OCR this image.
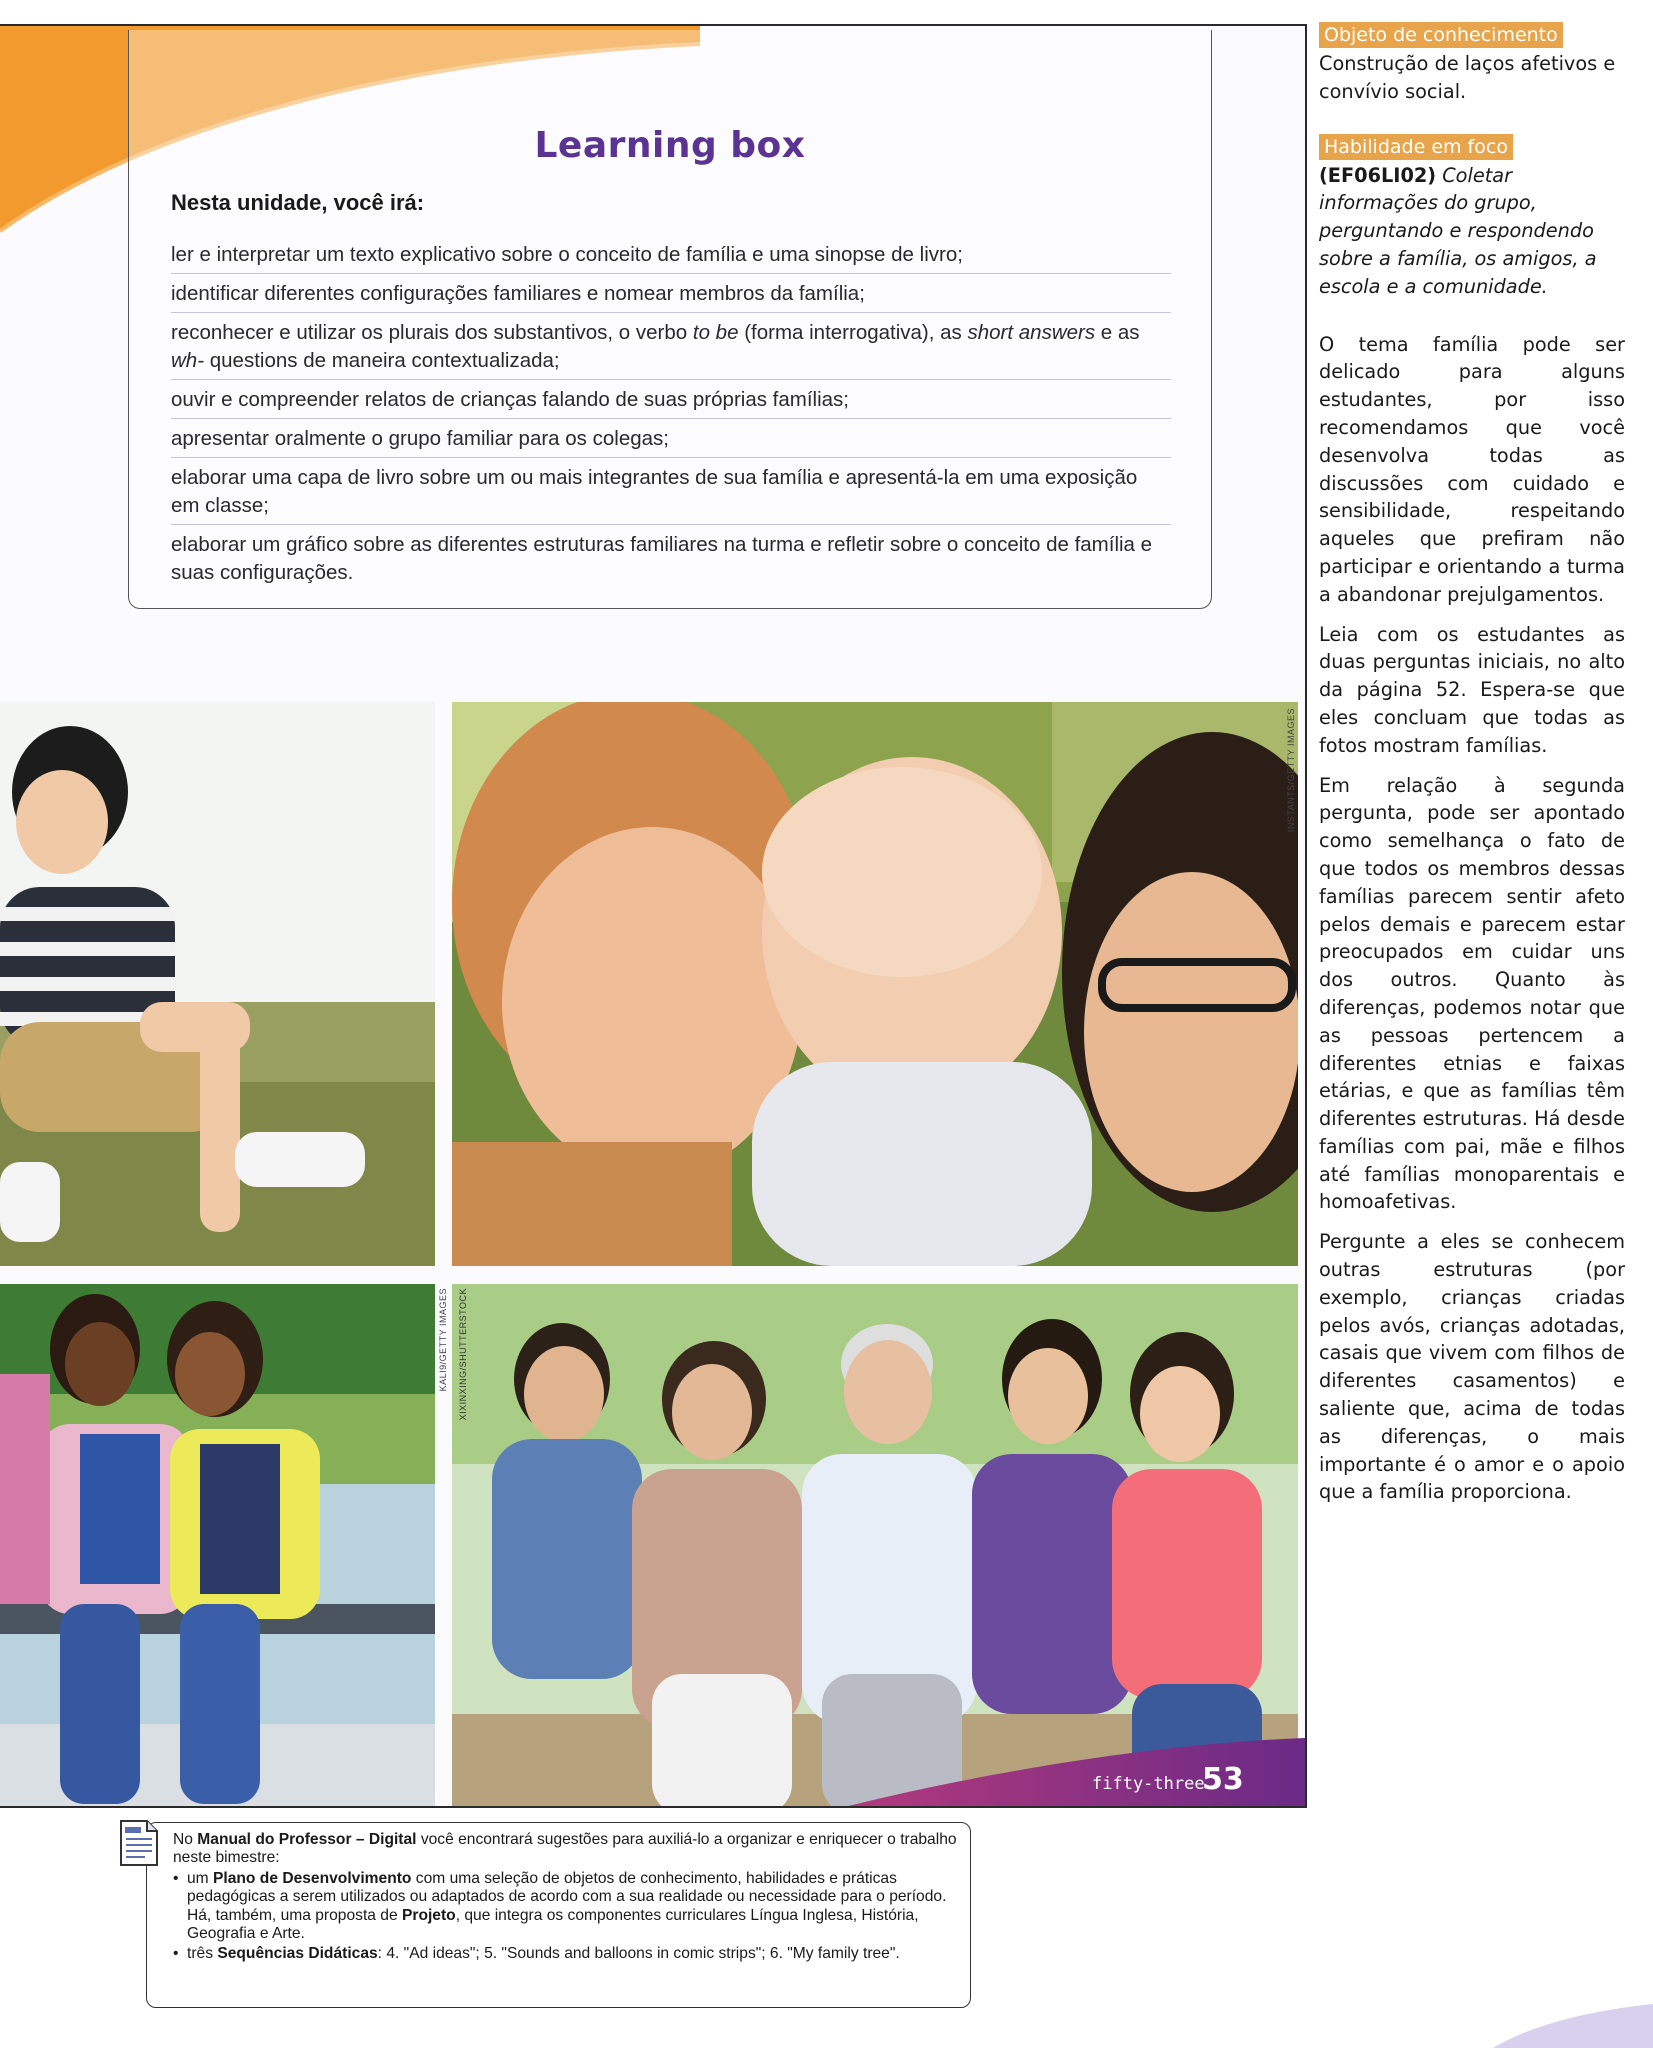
Learning box
Nesta unidade, você irá:
ler e interpretar um texto explicativo sobre o conceito de família e uma sinopse de livro;
identificar diferentes configurações familiares e nomear membros da família;
reconhecer e utilizar os plurais dos substantivos, o verbo to be (forma interrogativa), as short answers e as wh- questions de maneira contextualizada;
ouvir e compreender relatos de crianças falando de suas próprias famílias;
apresentar oralmente o grupo familiar para os colegas;
elaborar uma capa de livro sobre um ou mais integrantes de sua família e apresentá-la em uma exposição em classe;
elaborar um gráfico sobre as diferentes estruturas familiares na turma e refletir sobre o conceito de família e suas configurações.
INSTANTS/GETTY IMAGES
KALI9/GETTY IMAGES XIXINXING/SHUTTERSTOCK
fifty-three
53
Objeto de conhecimento

Construção de laços afetivos e convívio social.

Habilidade em foco

(EF06LI02) Coletar informações do grupo, perguntando e respondendo sobre a família, os amigos, a escola e a comunidade.

O tema família pode ser delicado para alguns estudantes, por isso recomendamos que você desenvolva todas as discussões com cuidado e sensibilidade, respeitando aqueles que prefiram não participar e orientando a turma a abandonar prejulgamentos.

Leia com os estudantes as duas perguntas iniciais, no alto da página 52. Espera-se que eles concluam que todas as fotos mostram famílias.

Em relação à segunda pergunta, pode ser apontado como semelhança o fato de que todos os membros dessas famílias parecem sentir afeto pelos demais e parecem estar preocupados em cuidar uns dos outros. Quanto às diferenças, podemos notar que as pessoas pertencem a diferentes etnias e faixas etárias, e que as famílias têm diferentes estruturas. Há desde famílias com pai, mãe e filhos até famílias monoparentais e homoafetivas.

Pergunte a eles se conhecem outras estruturas (por exemplo, crianças criadas pelos avós, crianças adotadas, casais que vivem com filhos de diferentes casamentos) e saliente que, acima de todas as diferenças, o mais importante é o amor e o apoio que a família proporciona.

No Manual do Professor – Digital você encontrará sugestões para auxiliá-lo a organizar e enriquecer o trabalho neste bimestre:

• um Plano de Desenvolvimento com uma seleção de objetos de conhecimento, habilidades e práticas pedagógicas a serem utilizados ou adaptados de acordo com a sua realidade ou necessidade para o período. Há, também, uma proposta de Projeto, que integra os componentes curriculares Língua Inglesa, História, Geografia e Arte.
• três Sequências Didáticas: 4. "Ad ideas"; 5. "Sounds and balloons in comic strips"; 6. "My family tree".
